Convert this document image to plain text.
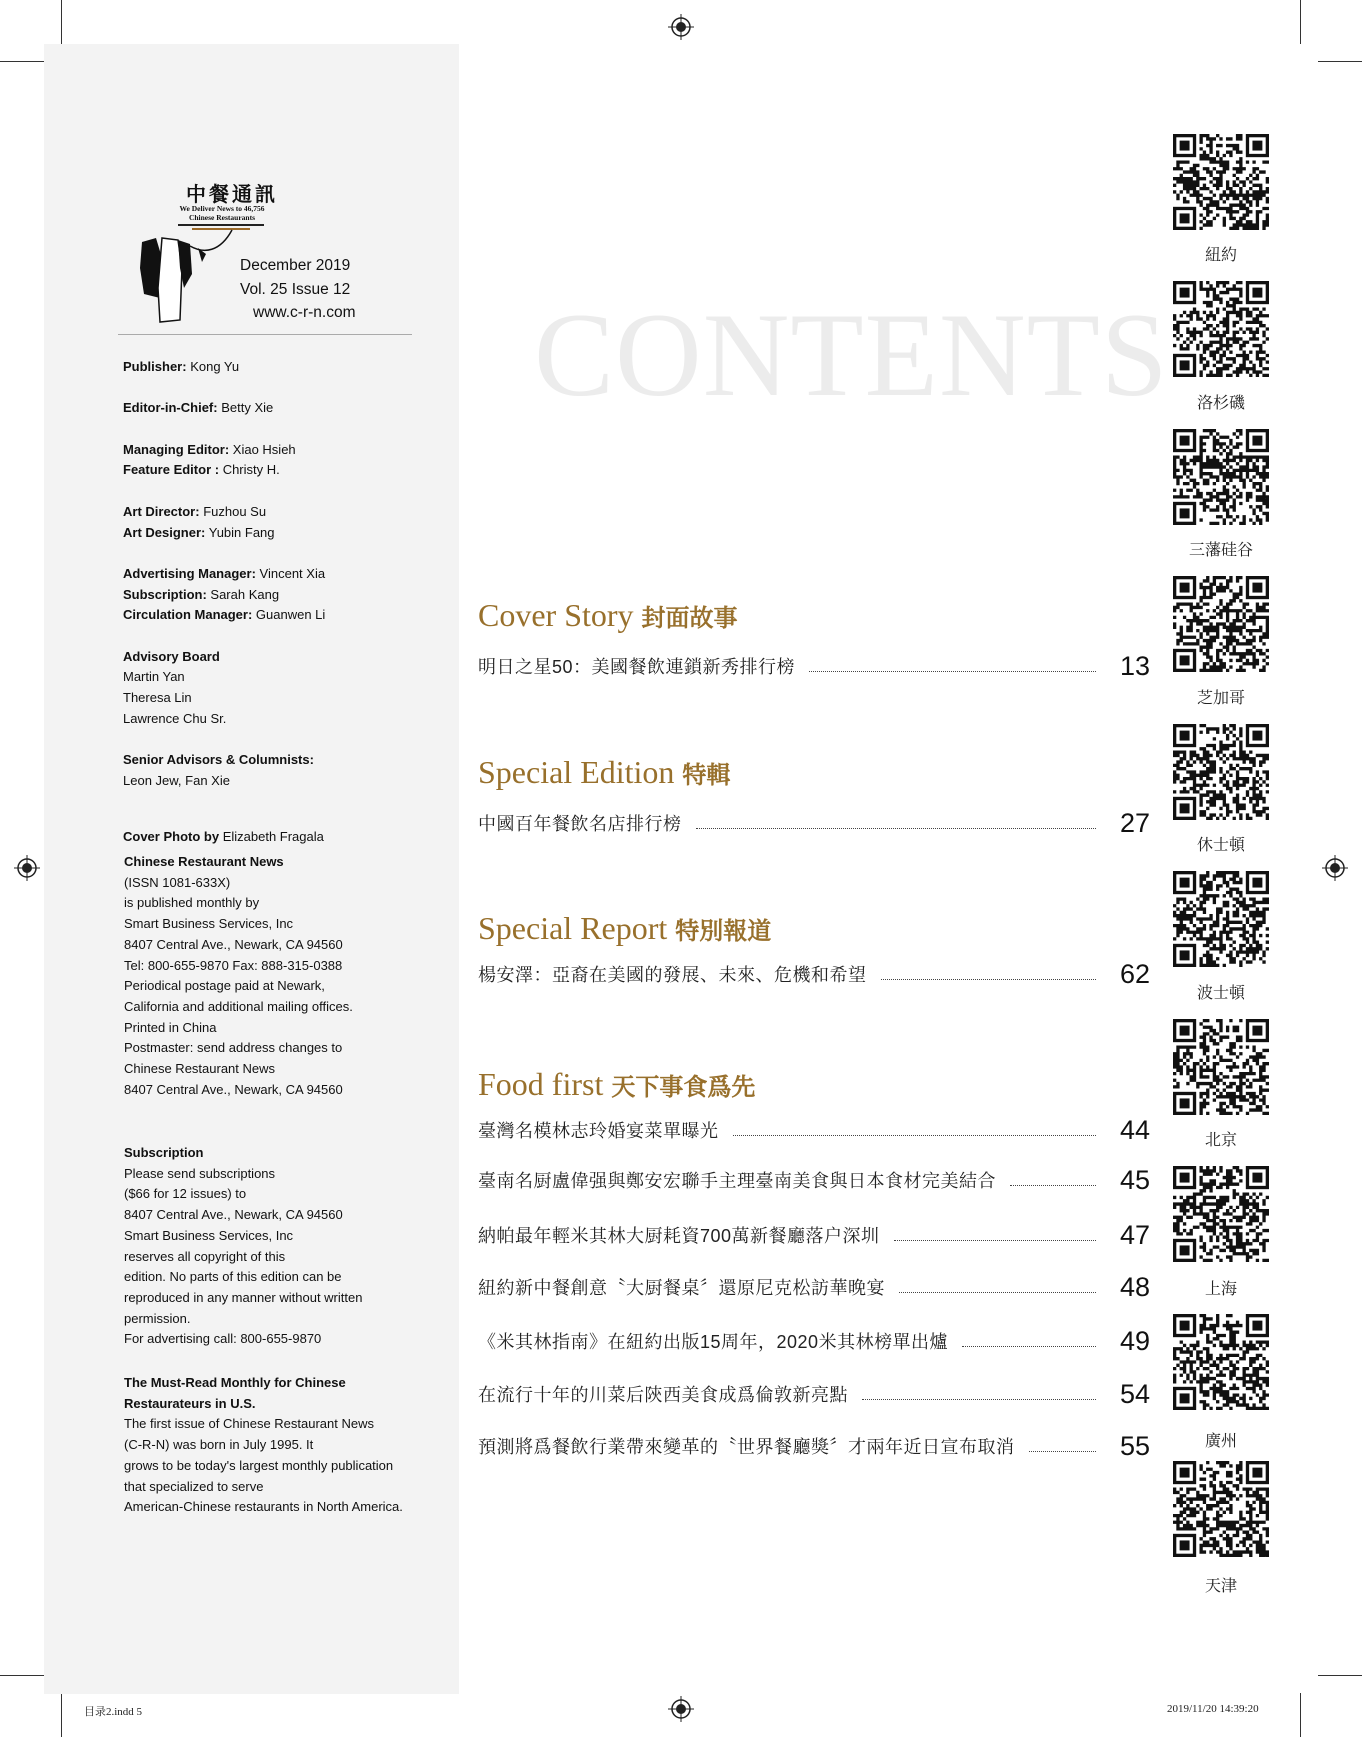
中餐通訊
We Deliver News to 46,756 Chinese Restaurants
December 2019
Vol. 25 Issue 12
www.c-r-n.com
Publisher: Kong Yu
Editor-in-Chief: Betty Xie
Managing Editor: Xiao Hsieh
Feature Editor : Christy H.
Art Director: Fuzhou Su
Art Designer: Yubin Fang
Advertising Manager: Vincent Xia
Subscription: Sarah Kang
Circulation Manager: Guanwen Li
Advisory Board
Martin Yan
Theresa Lin
Lawrence Chu Sr.
Senior Advisors & Columnists:
Leon Jew, Fan Xie
Cover Photo by Elizabeth Fragala
Chinese Restaurant News
(ISSN 1081-633X)
is published monthly by
Smart Business Services, Inc
8407 Central Ave., Newark, CA 94560
Tel: 800-655-9870 Fax: 888-315-0388
Periodical postage paid at Newark,
California and additional mailing offices.
Printed in China
Postmaster: send address changes to
Chinese Restaurant News
8407 Central Ave., Newark, CA 94560
Subscription
Please send subscriptions
($66 for 12 issues) to
8407 Central Ave., Newark, CA 94560
Smart Business Services, Inc
reserves all copyright of this
edition. No parts of this edition can be
reproduced in any manner without written
permission.
For advertising call: 800-655-9870
The Must-Read Monthly for Chinese
Restaurateurs in U.S.
The first issue of Chinese Restaurant News
(C-R-N) was born in July 1995. It
grows to be today's largest monthly publication
that specialized to serve
American-Chinese restaurants in North America.
CONTENTS
Cover Story 封面故事
明日之星50：美國餐飲連鎖新秀排行榜	13
Special Edition 特輯
中國百年餐飲名店排行榜	27
Special Report 特別報道
楊安澤：亞裔在美國的發展、未來、危機和希望	62
Food first 天下事食爲先
臺灣名模林志玲婚宴菜單曝光	44
臺南名厨盧偉强與鄭安宏聯手主理臺南美食與日本食材完美結合	45
納帕最年輕米其林大厨耗資700萬新餐廳落户深圳	47
紐約新中餐創意〝大厨餐桌〞還原尼克松訪華晚宴	48
《米其林指南》在紐約出版15周年，2020米其林榜單出爐	49
在流行十年的川菜后陝西美食成爲倫敦新亮點	54
預測將爲餐飲行業帶來變革的〝世界餐廳獎〞才兩年近日宣布取消	55
紐約
洛杉磯
三藩硅谷
芝加哥
休士頓
波士頓
北京
上海
廣州
天津
目录2.indd 5	2019/11/20 14:39:20
